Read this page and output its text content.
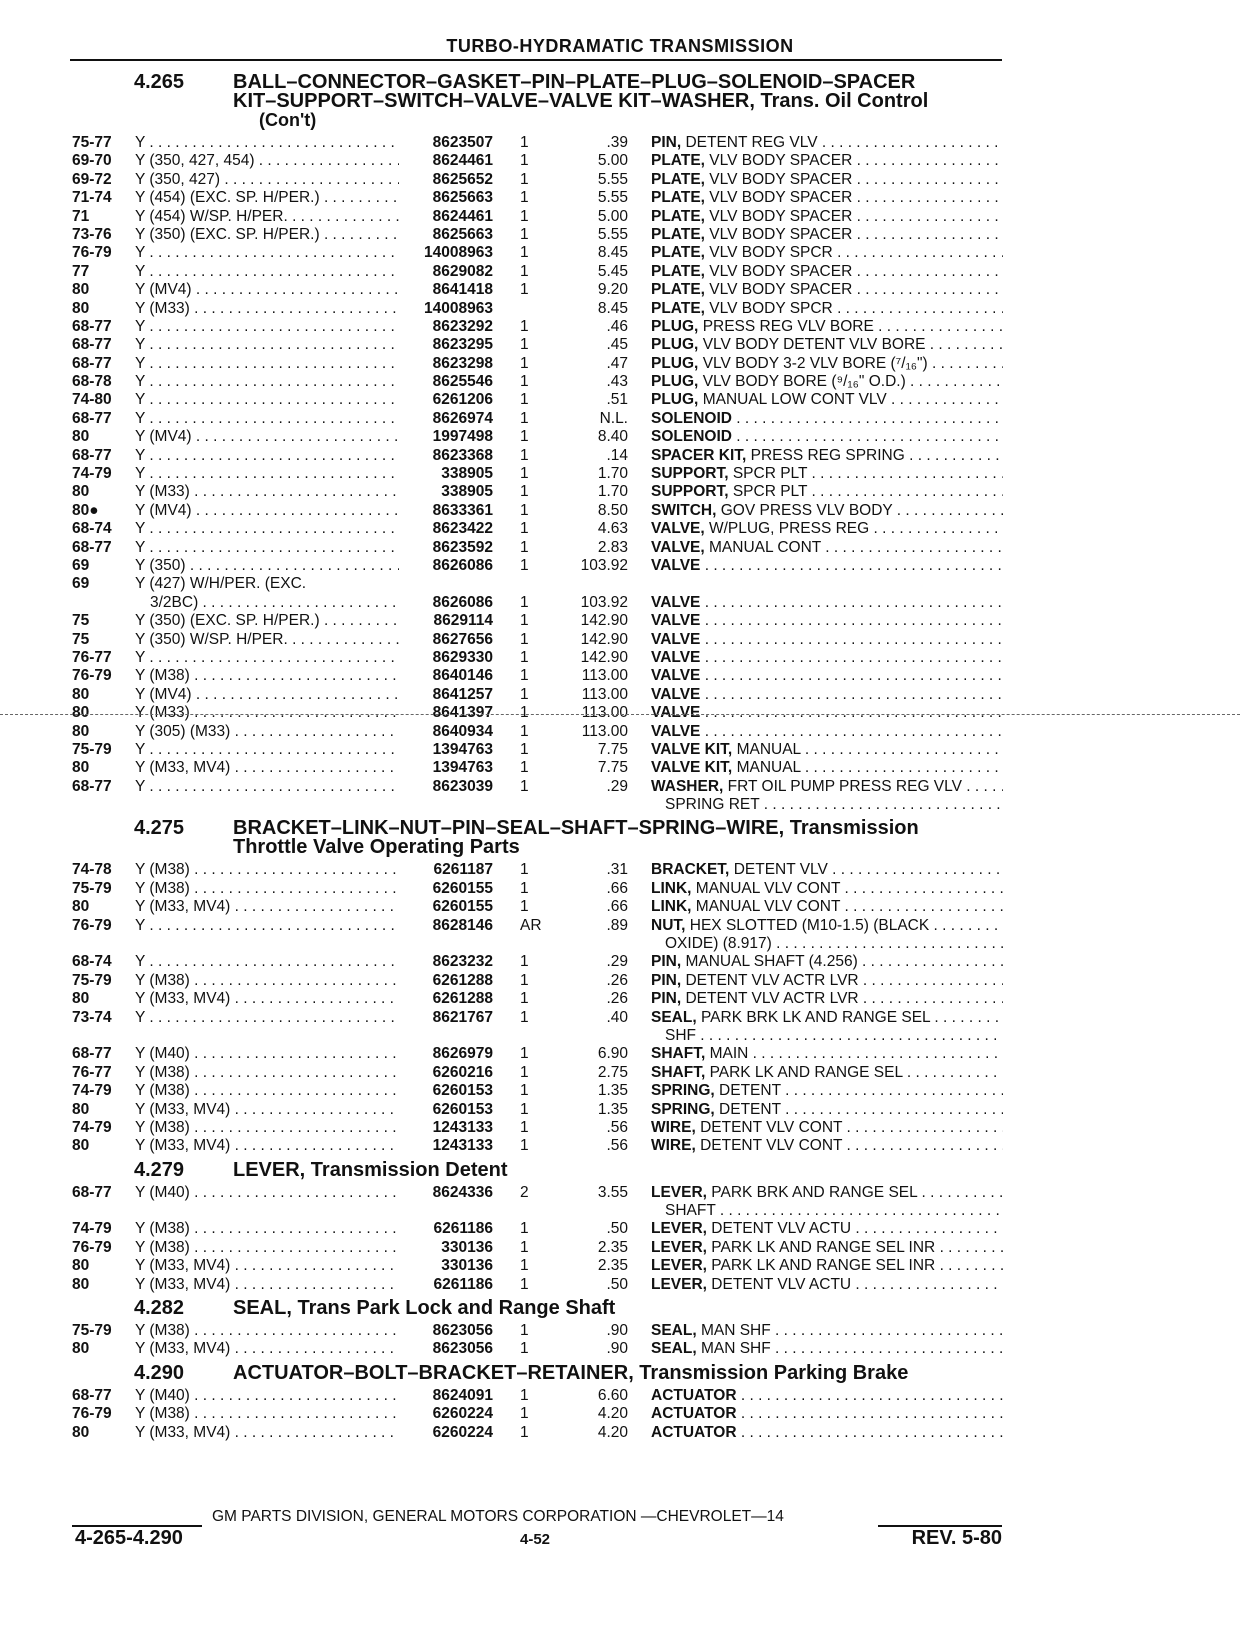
TURBO-HYDRAMATIC TRANSMISSION
4.265 BALL–CONNECTOR–GASKET–PIN–PLATE–PLUG–SOLENOID–SPACER
KIT–SUPPORT–SWITCH–VALVE–VALVE KIT–WASHER, Trans. Oil Control
(Con't)
75-77 Y . . .	8623507 1	.39 PIN, DETENT REG VLV . . .
69-70 Y (350, 427, 454) . . .	8624461 1	5.00 PLATE, VLV BODY SPACER . . .
69-72 Y (350, 427) . . .	8625652 1	5.55 PLATE, VLV BODY SPACER . . .
71-74 Y (454) (EXC. SP. H/PER.) . . .	8625663 1	5.55 PLATE, VLV BODY SPACER . . .
71	Y (454) W/SP. H/PER. . . .	8624461 1	5.00 PLATE, VLV BODY SPACER . . .
73-76 Y (350) (EXC. SP. H/PER.) . . .	8625663 1	5.55 PLATE, VLV BODY SPACER . . .
76-79 Y . . .	14008963 1	8.45 PLATE, VLV BODY SPCR . . .
77	Y . . .	8629082 1	5.45 PLATE, VLV BODY SPACER . . .
80	Y (MV4) . . .	8641418 1	9.20 PLATE, VLV BODY SPACER . . .
80	Y (M33) . . .	14008963	8.45 PLATE, VLV BODY SPCR . . .
68-77 Y . . .	8623292 1	.46 PLUG, PRESS REG VLV BORE . . .
68-77 Y . . .	8623295 1	.45 PLUG, VLV BODY DETENT VLV BORE . . .
68-77 Y . . .	8623298 1	.47 PLUG, VLV BODY 3-2 VLV BORE (⁷/₁₆") . . .
68-78 Y . . .	8625546 1	.43 PLUG, VLV BODY BORE (⁹/₁₆" O.D.) . . .
74-80 Y . . .	6261206 1	.51 PLUG, MANUAL LOW CONT VLV . . .
68-77 Y . . .	8626974 1	N.L. SOLENOID . . .
80	Y (MV4) . . .	1997498 1	8.40 SOLENOID . . .
68-77 Y . . .	8623368 1	.14 SPACER KIT, PRESS REG SPRING . . .
74-79 Y . . .	338905 1	1.70 SUPPORT, SPCR PLT . . .
80	Y (M33) . . .	338905 1	1.70 SUPPORT, SPCR PLT . . .
80● Y (MV4) . . .	8633361 1	8.50 SWITCH, GOV PRESS VLV BODY . . .
68-74 Y . . .	8623422 1	4.63 VALVE, W/PLUG, PRESS REG . . .
68-77 Y . . .	8623592 1	2.83 VALVE, MANUAL CONT . . .
69	Y (350) . . .	8626086 1	103.92 VALVE . . .
69	Y (427) W/H/PER. (EXC.
3/2BC) . . .	8626086 1	103.92 VALVE . . .
75	Y (350) (EXC. SP. H/PER.) . . .	8629114 1	142.90 VALVE . . .
75	Y (350) W/SP. H/PER. . . .	8627656 1	142.90 VALVE . . .
76-77 Y . . .	8629330 1	142.90 VALVE . . .
76-79 Y (M38) . . .	8640146 1	113.00 VALVE . . .
80	Y (MV4) . . .	8641257 1	113.00 VALVE . . .
80	Y (M33) . . .	8641397 1	113.00 VALVE . . .
80	Y (305) (M33) . . .	8640934 1	113.00 VALVE . . .
75-79 Y . . .	1394763 1	7.75 VALVE KIT, MANUAL . . .
80	Y (M33, MV4) . . .	1394763 1	7.75 VALVE KIT, MANUAL . . .
68-77 Y . . .	8623039 1	.29 WASHER, FRT OIL PUMP PRESS REG VLV . . .
SPRING RET . . .
4.275 BRACKET–LINK–NUT–PIN–SEAL–SHAFT–SPRING–WIRE, Transmission
Throttle Valve Operating Parts
74-78 Y (M38) . . .	6261187 1	.31 BRACKET, DETENT VLV . . .
75-79 Y (M38) . . .	6260155 1	.66 LINK, MANUAL VLV CONT . . .
80	Y (M33, MV4) . . .	6260155 1	.66 LINK, MANUAL VLV CONT . . .
76-79 Y . . .	8628146 AR	.89 NUT, HEX SLOTTED (M10-1.5) (BLACK . . .
OXIDE) (8.917) . . .
68-74 Y . . .	8623232 1	.29 PIN, MANUAL SHAFT (4.256) . . .
75-79 Y (M38) . . .	6261288 1	.26 PIN, DETENT VLV ACTR LVR . . .
80	Y (M33, MV4) . . .	6261288 1	.26 PIN, DETENT VLV ACTR LVR . . .
73-74 Y . . .	8621767 1	.40 SEAL, PARK BRK LK AND RANGE SEL . . .
SHF . . .
68-77 Y (M40) . . .	8626979 1	6.90 SHAFT, MAIN . . .
76-77 Y (M38) . . .	6260216 1	2.75 SHAFT, PARK LK AND RANGE SEL . . .
74-79 Y (M38) . . .	6260153 1	1.35 SPRING, DETENT . . .
80	Y (M33, MV4) . . .	6260153 1	1.35 SPRING, DETENT . . .
74-79 Y (M38) . . .	1243133 1	.56 WIRE, DETENT VLV CONT . . .
80	Y (M33, MV4) . . .	1243133 1	.56 WIRE, DETENT VLV CONT . . .
4.279 LEVER, Transmission Detent
68-77 Y (M40) . . .	8624336 2	3.55 LEVER, PARK BRK AND RANGE SEL . . .
SHAFT . . .
74-79 Y (M38) . . .	6261186 1	.50 LEVER, DETENT VLV ACTU . . .
76-79 Y (M38) . . .	330136 1	2.35 LEVER, PARK LK AND RANGE SEL INR . . .
80	Y (M33, MV4) . . .	330136 1	2.35 LEVER, PARK LK AND RANGE SEL INR . . .
80	Y (M33, MV4) . . .	6261186 1	.50 LEVER, DETENT VLV ACTU . . .
4.282 SEAL, Trans Park Lock and Range Shaft
75-79 Y (M38) . . .	8623056 1	.90 SEAL, MAN SHF . . .
80	Y (M33, MV4) . . .	8623056 1	.90 SEAL, MAN SHF . . .
4.290 ACTUATOR–BOLT–BRACKET–RETAINER, Transmission Parking Brake
68-77 Y (M40) . . .	8624091 1	6.60 ACTUATOR . . .
76-79 Y (M38) . . .	6260224 1	4.20 ACTUATOR . . .
80	Y (M33, MV4) . . .	6260224 1	4.20 ACTUATOR . . .
GM PARTS DIVISION, GENERAL MOTORS CORPORATION —CHEVROLET—14
4-265-4.290	4-52	REV. 5-80
